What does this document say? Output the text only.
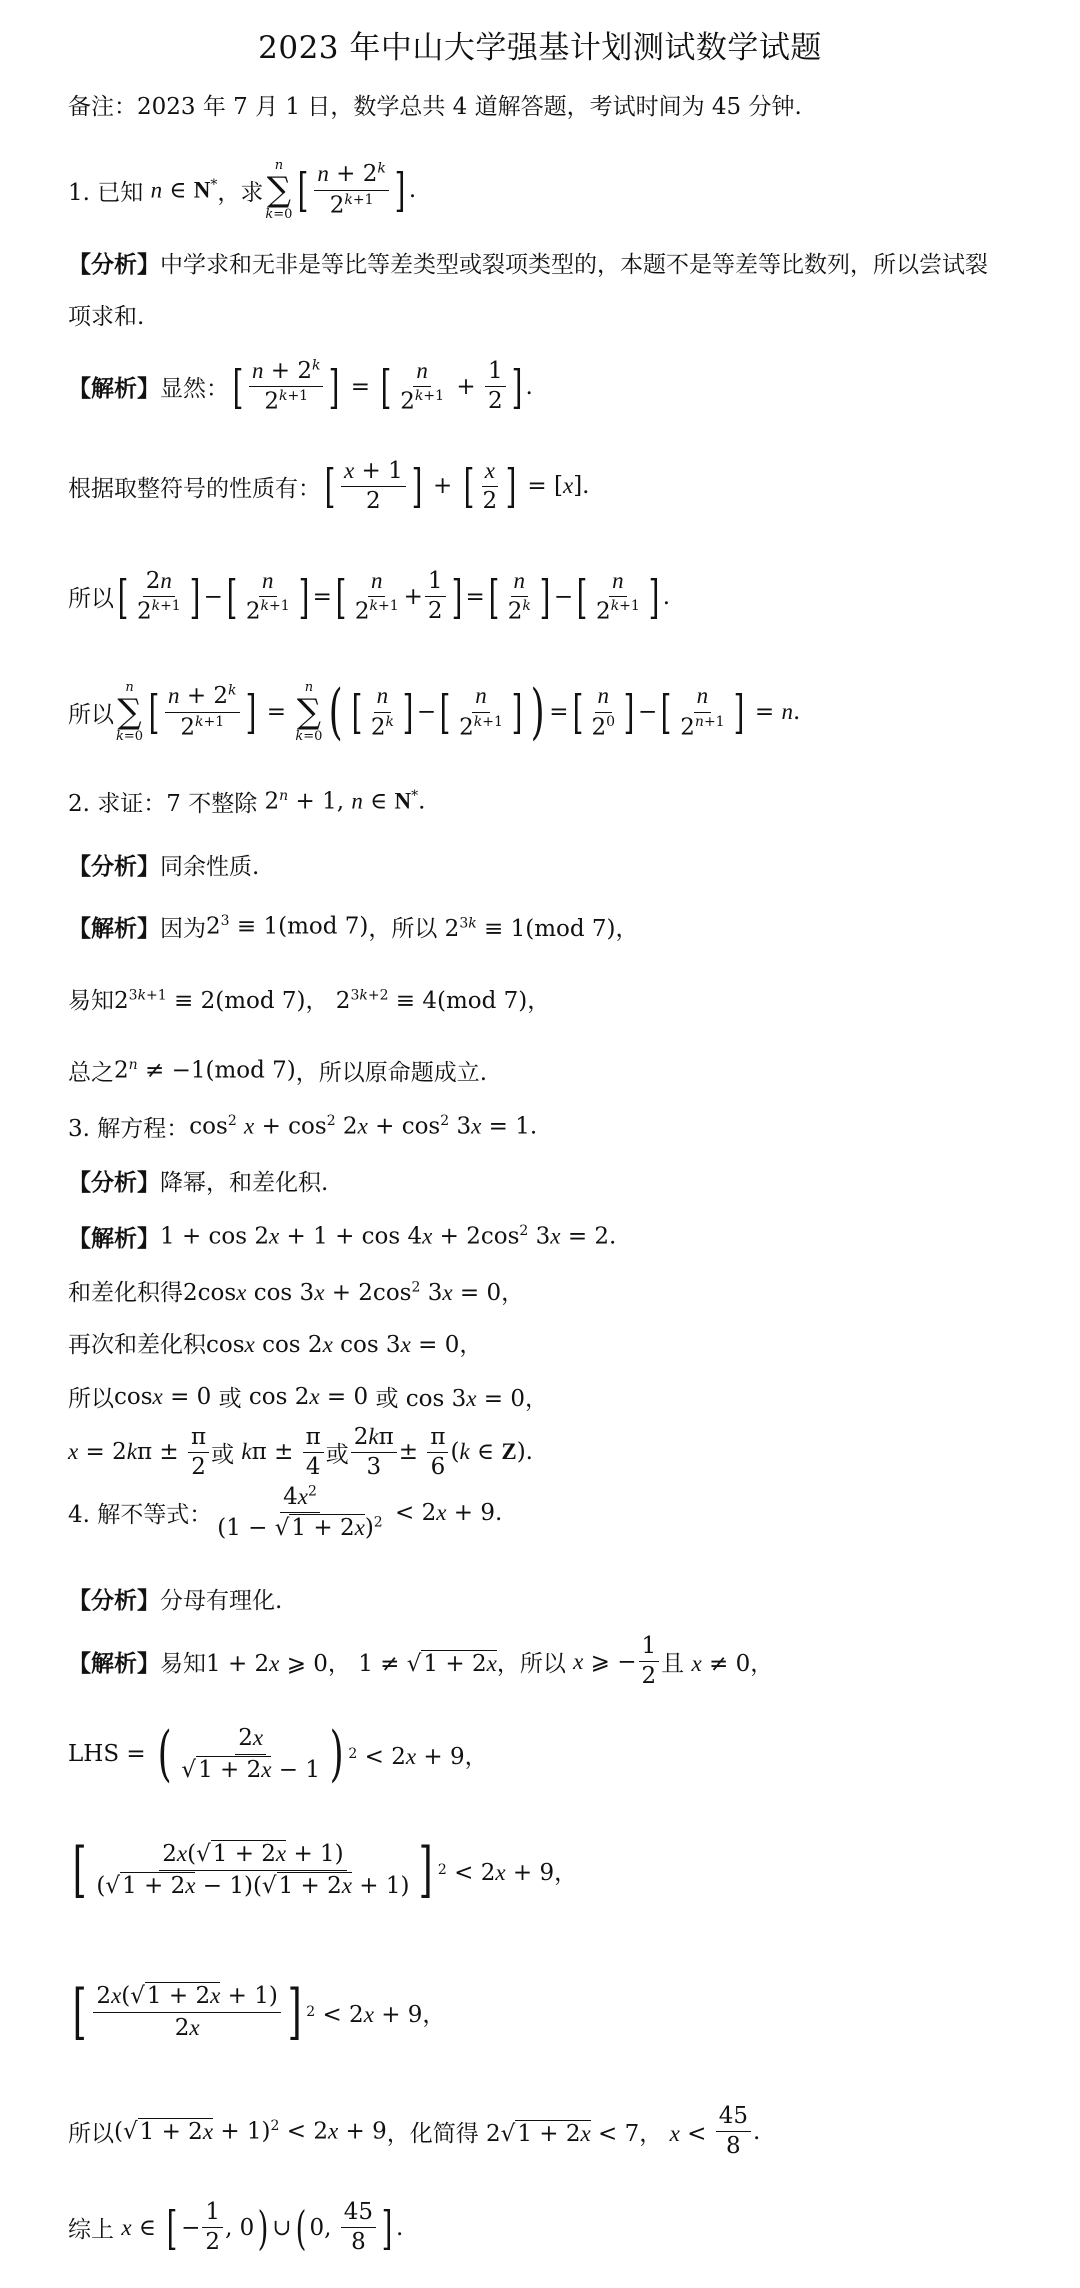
2023 年中山大学强基计划测试数学试题
备注：2023 年 7 月 1 日，数学总共 4 道解答题，考试时间为 45 分钟.
1. 已知 n ∈ N* ，求
n
∑
k=0 [ $\frac{n + 2^k}{2^{k+1}}$ ] .
【分析】 中学求和无非是等比等差类型或裂项类型的，本题不是等差等比数列，所以尝试裂
项求和.
【解析】 显然： [ $\frac{n + 2^k}{2^{k+1}}$ ] = [ $\frac{n}{2^{k+1}} + \frac{1}{2}$ ] .
根据取整符号的性质有： [ $\frac{x + 1}{2}$ ] + [ $\frac{x}{2}$ ] = [x].
所以 [ $\frac{2n}{2^{k+1}}$ ] − [ $\frac{n}{2^{k+1}}$ ] = [ $\frac{n}{2^{k+1}} + \frac{1}{2}$ ] = [ $\frac{n}{2^k}$ ] − [ $\frac{n}{2^{k+1}}$ ] .
所以
n
∑
k=0 [ $\frac{n + 2^k}{2^{k+1}}$ ] =
n
∑
k=0 ( [ $\frac{n}{2^k}$ ] − [ $\frac{n}{2^{k+1}}$ ] ) = [ $\frac{n}{2^0}$ ] − [ $\frac{n}{2^{n+1}}$ ] = n.
2. 求证：7 不整除 $2^n + 1$, n ∈ N*.
【分析】 同余性质.
【解析】 因为 $2^3 \equiv 1(mod$ 7) ，所以 $2^{3k} \equiv 1(mod$ 7)，
易知 $2^{3k+1} \equiv 2(mod$ 7)， $2^{3k+2} \equiv 4(mod$ 7)，
总之 $2^n \ne -1(mod$ 7) ，所以原命题成立.
3. 解方程： $\cos^2 x + \cos^2 2x + \cos^2 3x = 1$.
【分析】 降幂，和差化积.
【解析】 $1 + \cos 2x + 1 + \cos 4x + 2\cos^2$ 3x = 2.
和差化积得 2cosx $\cos 3x + 2\cos^2$ 3x = 0，
再次和差化积 cosx cos 2x cos 3x = 0，
所以 cosx = 0 或 cos 2x = 0 或 cos 3x = 0，
$x = 2k\pi \pm \frac{\pi}{2}$ 或 $k\pi \pm \frac{\pi}{4}$ 或 $\frac{2k\pi}{3} \pm \frac{\pi}{6} (k$ ∈ Z).
4. 解不等式： $\frac{4x^2}{(1 - √1 + 2x)^2} < 2x + 9$.
【分析】 分母有理化.
【解析】 易知 1 + 2x ⩾ 0， 1 ≠ √1 + 2x， 所以 x ⩾ − $\frac{1}{2}$ 且 x ≠ 0，
LHS = ( $\frac{2x}{√1 + 2x - 1}$ ) 2 < 2x + 9，
[ $\frac{2x(√1 + 2x + 1)}{(√1 + 2x - 1)(√1 + 2x + 1)}$ ] 2 < 2x + 9，
[ $\frac{2x(√1 + 2x + 1)}{2x}$ ] 2 < 2x + 9，
所以 $(√1 + 2x + 1)^2 < 2x + 9$ ，化简得 2√1 + 2x < 7， $x < \frac{45}{8}$ .
综上 x ∈ [ − $\frac{1}{2}$ , 0 ) ∪ ( 0, $\frac{45}{8}$ ] .
